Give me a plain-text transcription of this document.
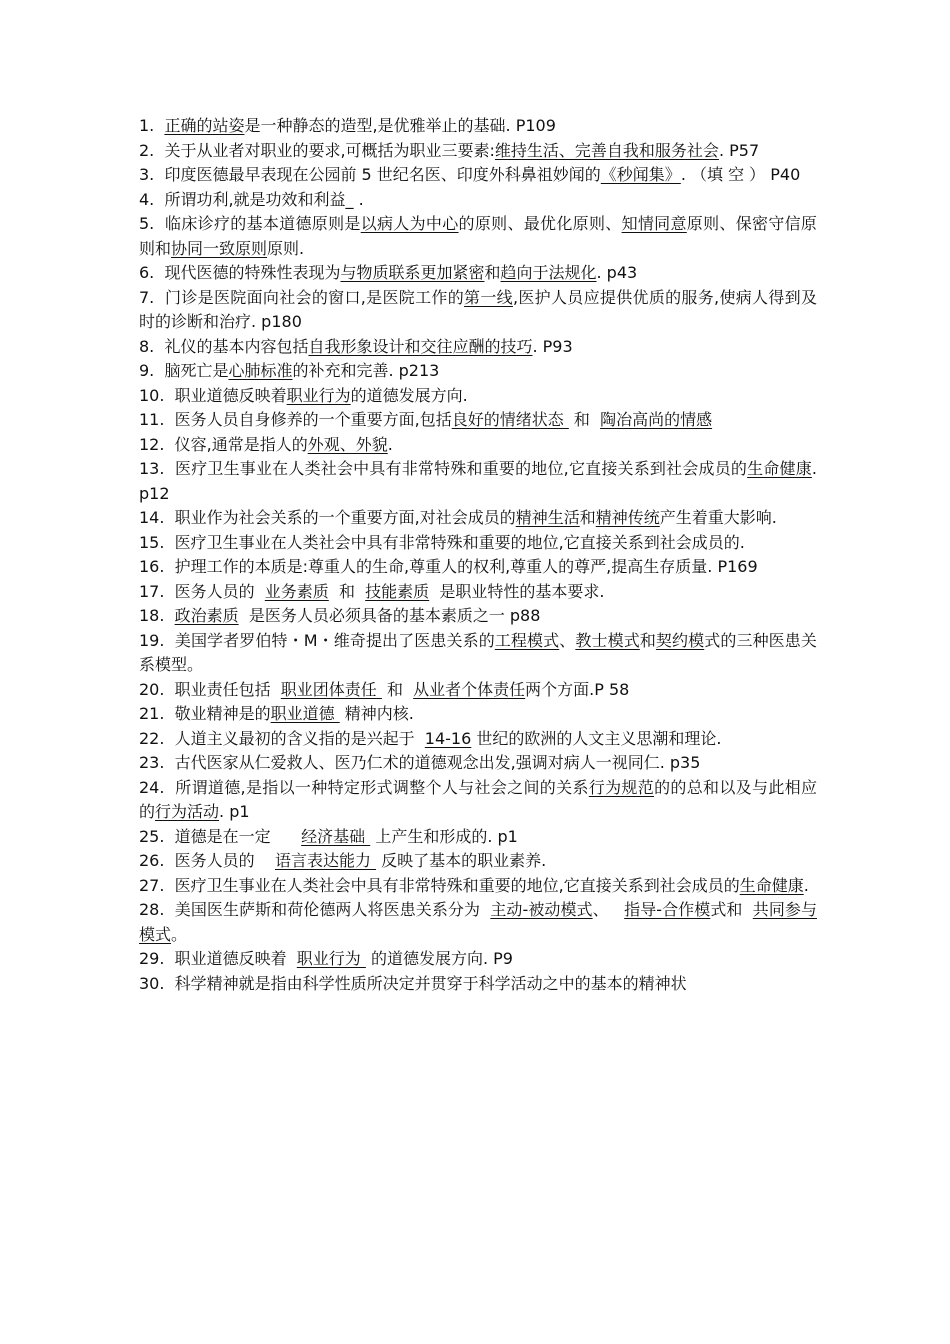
1.  正确的站姿是一种静态的造型,是优雅举止的基础. P109
2.  关于从业者对职业的要求,可概括为职业三要素:维持生活、完善自我和服务社会. P57
3.  印度医德最早表现在公园前 5 世纪名医、印度外科鼻祖妙闻的《秒闻集》. （填 空 ） P40
4.  所谓功利,就是功效和利益_ .
5.  临床诊疗的基本道德原则是以病人为中心的原则、最优化原则、知情同意原则、保密守信原则和协同一致原则原则.
6.  现代医德的特殊性表现为与物质联系更加紧密和趋向于法规化. p43
7.  门诊是医院面向社会的窗口,是医院工作的第一线,医护人员应提供优质的服务,使病人得到及时的诊断和治疗. p180
8.  礼仪的基本内容包括自我形象设计和交往应酬的技巧. P93
9.  脑死亡是心肺标准的补充和完善. p213
10.  职业道德反映着职业行为的道德发展方向.
11.  医务人员自身修养的一个重要方面,包括良好的情绪状态  和  陶冶高尚的情感
12.  仪容,通常是指人的外观、外貌.
13.  医疗卫生事业在人类社会中具有非常特殊和重要的地位,它直接关系到社会成员的生命健康. p12
14.  职业作为社会关系的一个重要方面,对社会成员的精神生活和精神传统产生着重大影响.
15.  医疗卫生事业在人类社会中具有非常特殊和重要的地位,它直接关系到社会成员的.
16.  护理工作的本质是:尊重人的生命,尊重人的权利,尊重人的尊严,提高生存质量. P169
17.  医务人员的  业务素质  和  技能素质  是职业特性的基本要求.
18.  政治素质  是医务人员必须具备的基本素质之一 p88
19.  美国学者罗伯特・M・维奇提出了医患关系的工程模式、教士模式和契约模式的三种医患关系模型。
20.  职业责任包括  职业团体责任  和  从业者个体责任两个方面.P 58
21.  敬业精神是的职业道德  精神内核.
22.  人道主义最初的含义指的是兴起于  14-16 世纪的欧洲的人文主义思潮和理论.
23.  古代医家从仁爱救人、医乃仁术的道德观念出发,强调对病人一视同仁. p35
24.  所谓道德,是指以一种特定形式调整个人与社会之间的关系行为规范的的总和以及与此相应的行为活动. p1
25.  道德是在一定      经济基础  上产生和形成的. p1
26.  医务人员的    语言表达能力  反映了基本的职业素养.
27.  医疗卫生事业在人类社会中具有非常特殊和重要的地位,它直接关系到社会成员的生命健康.
28.  美国医生萨斯和荷伦德两人将医患关系分为  主动-被动模式、   指导-合作模式和  共同参与模式。
29.  职业道德反映着  职业行为  的道德发展方向. P9
30.  科学精神就是指由科学性质所决定并贯穿于科学活动之中的基本的精神状
